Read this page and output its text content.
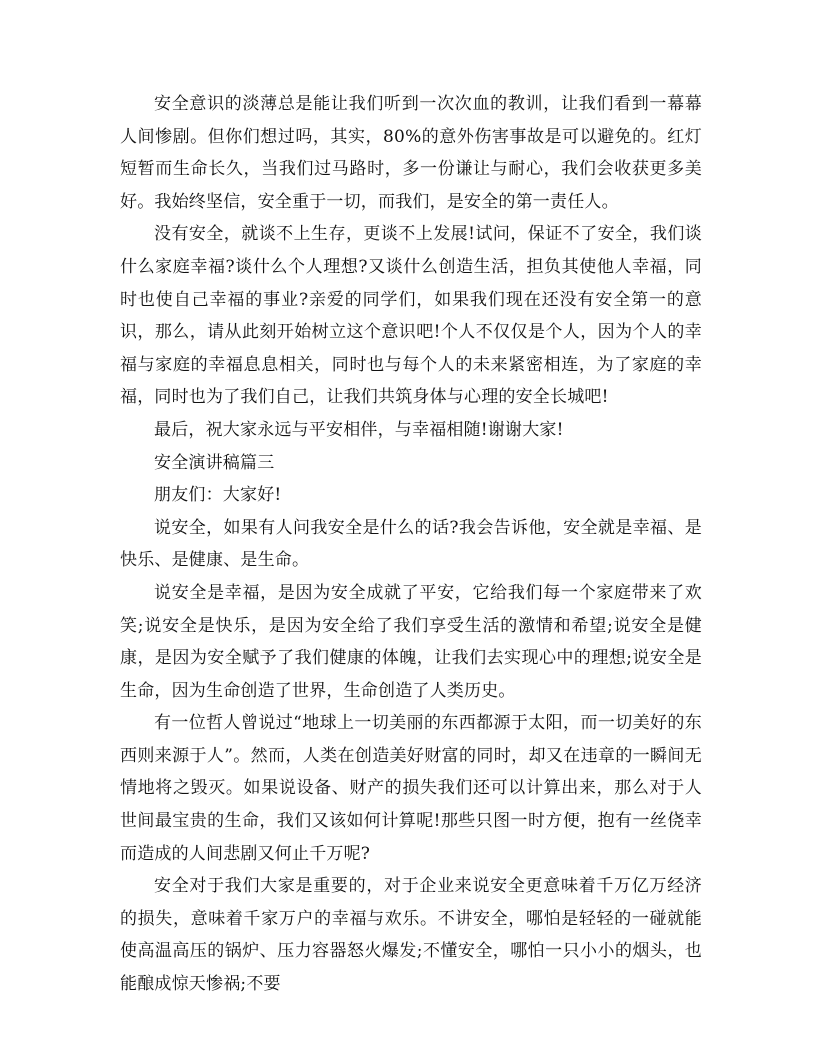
安全意识的淡薄总是能让我们听到一次次血的教训，让我们看到一幕幕人间惨剧。但你们想过吗，其实，80%的意外伤害事故是可以避免的。红灯短暂而生命长久，当我们过马路时，多一份谦让与耐心，我们会收获更多美好。我始终坚信，安全重于一切，而我们，是安全的第一责任人。

没有安全，就谈不上生存，更谈不上发展!试问，保证不了安全，我们谈什么家庭幸福?谈什么个人理想?又谈什么创造生活，担负其使他人幸福，同时也使自己幸福的事业?亲爱的同学们，如果我们现在还没有安全第一的意识，那么，请从此刻开始树立这个意识吧!个人不仅仅是个人，因为个人的幸福与家庭的幸福息息相关，同时也与每个人的未来紧密相连，为了家庭的幸福，同时也为了我们自己，让我们共筑身体与心理的安全长城吧!

最后，祝大家永远与平安相伴，与幸福相随!谢谢大家!

安全演讲稿篇三

朋友们：大家好!

说安全，如果有人问我安全是什么的话?我会告诉他，安全就是幸福、是快乐、是健康、是生命。

说安全是幸福，是因为安全成就了平安，它给我们每一个家庭带来了欢笑;说安全是快乐，是因为安全给了我们享受生活的激情和希望;说安全是健康，是因为安全赋予了我们健康的体魄，让我们去实现心中的理想;说安全是生命，因为生命创造了世界，生命创造了人类历史。

有一位哲人曾说过“地球上一切美丽的东西都源于太阳，而一切美好的东西则来源于人”。然而，人类在创造美好财富的同时，却又在违章的一瞬间无情地将之毁灭。如果说设备、财产的损失我们还可以计算出来，那么对于人世间最宝贵的生命，我们又该如何计算呢!那些只图一时方便，抱有一丝侥幸而造成的人间悲剧又何止千万呢?

安全对于我们大家是重要的，对于企业来说安全更意味着千万亿万经济的损失，意味着千家万户的幸福与欢乐。不讲安全，哪怕是轻轻的一碰就能使高温高压的锅炉、压力容器怒火爆发;不懂安全，哪怕一只小小的烟头，也能酿成惊天惨祸;不要
